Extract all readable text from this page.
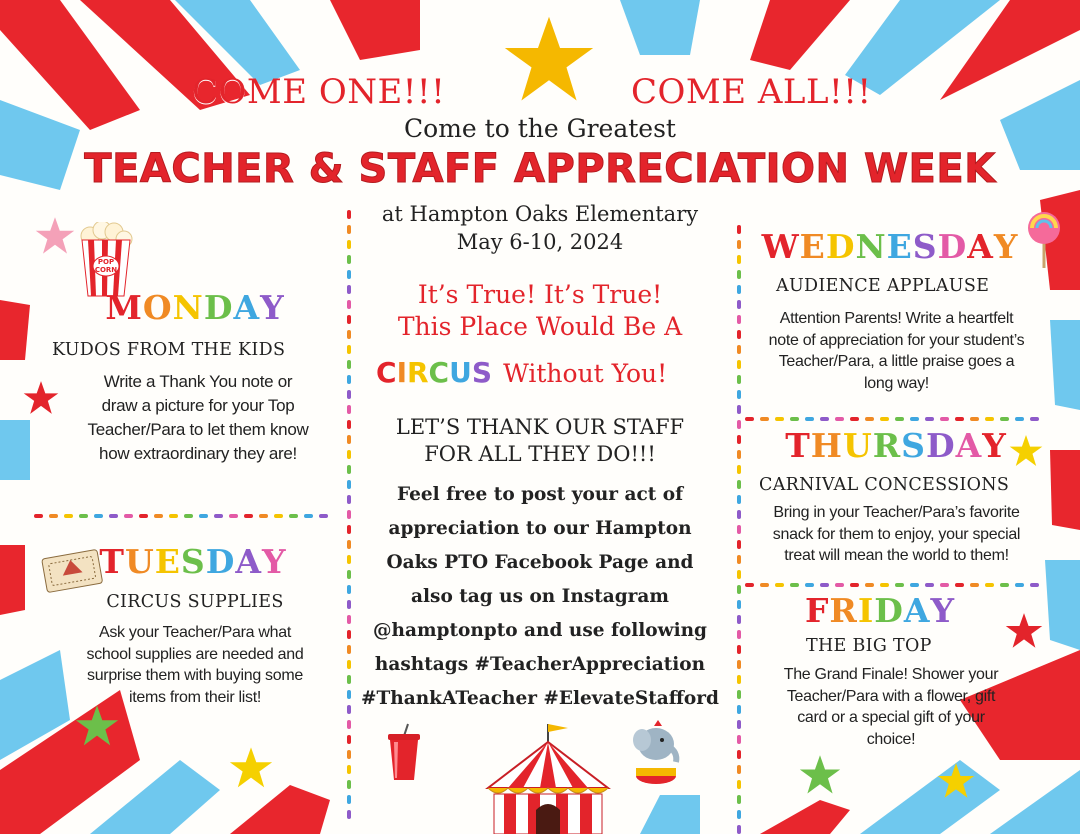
COME ONE!!!	COME ALL!!!
Come to the Greatest
TEACHER & STAFF APPRECIATION WEEK
at Hampton Oaks Elementary
May 6-10, 2024
It’s True! It’s True!
This Place Would Be A
CIRCUS Without You!
LET’S THANK OUR STAFF
FOR ALL THEY DO!!!
Feel free to post your act of
appreciation to our Hampton
Oaks PTO Facebook Page and
also tag us on Instagram
@hamptonpto and use following
hashtags #TeacherAppreciation
#ThankATeacher #ElevateStafford
POP
CORN
MONDAY
KUDOS FROM THE KIDS
Write a Thank You note or
draw a picture for your Top
Teacher/Para to let them know
how extraordinary they are!
TUESDAY
CIRCUS SUPPLIES
Ask your Teacher/Para what
school supplies are needed and
surprise them with buying some
items from their list!
WEDNESDAY
AUDIENCE APPLAUSE
Attention Parents! Write a heartfelt
note of appreciation for your student’s
Teacher/Para, a little praise goes a
long way!
THURSDAY
CARNIVAL CONCESSIONS
Bring in your Teacher/Para’s favorite
snack for them to enjoy, your special
treat will mean the world to them!
FRIDAY
THE BIG TOP
The Grand Finale! Shower your
Teacher/Para with a flower, gift
card or a special gift of your
choice!
